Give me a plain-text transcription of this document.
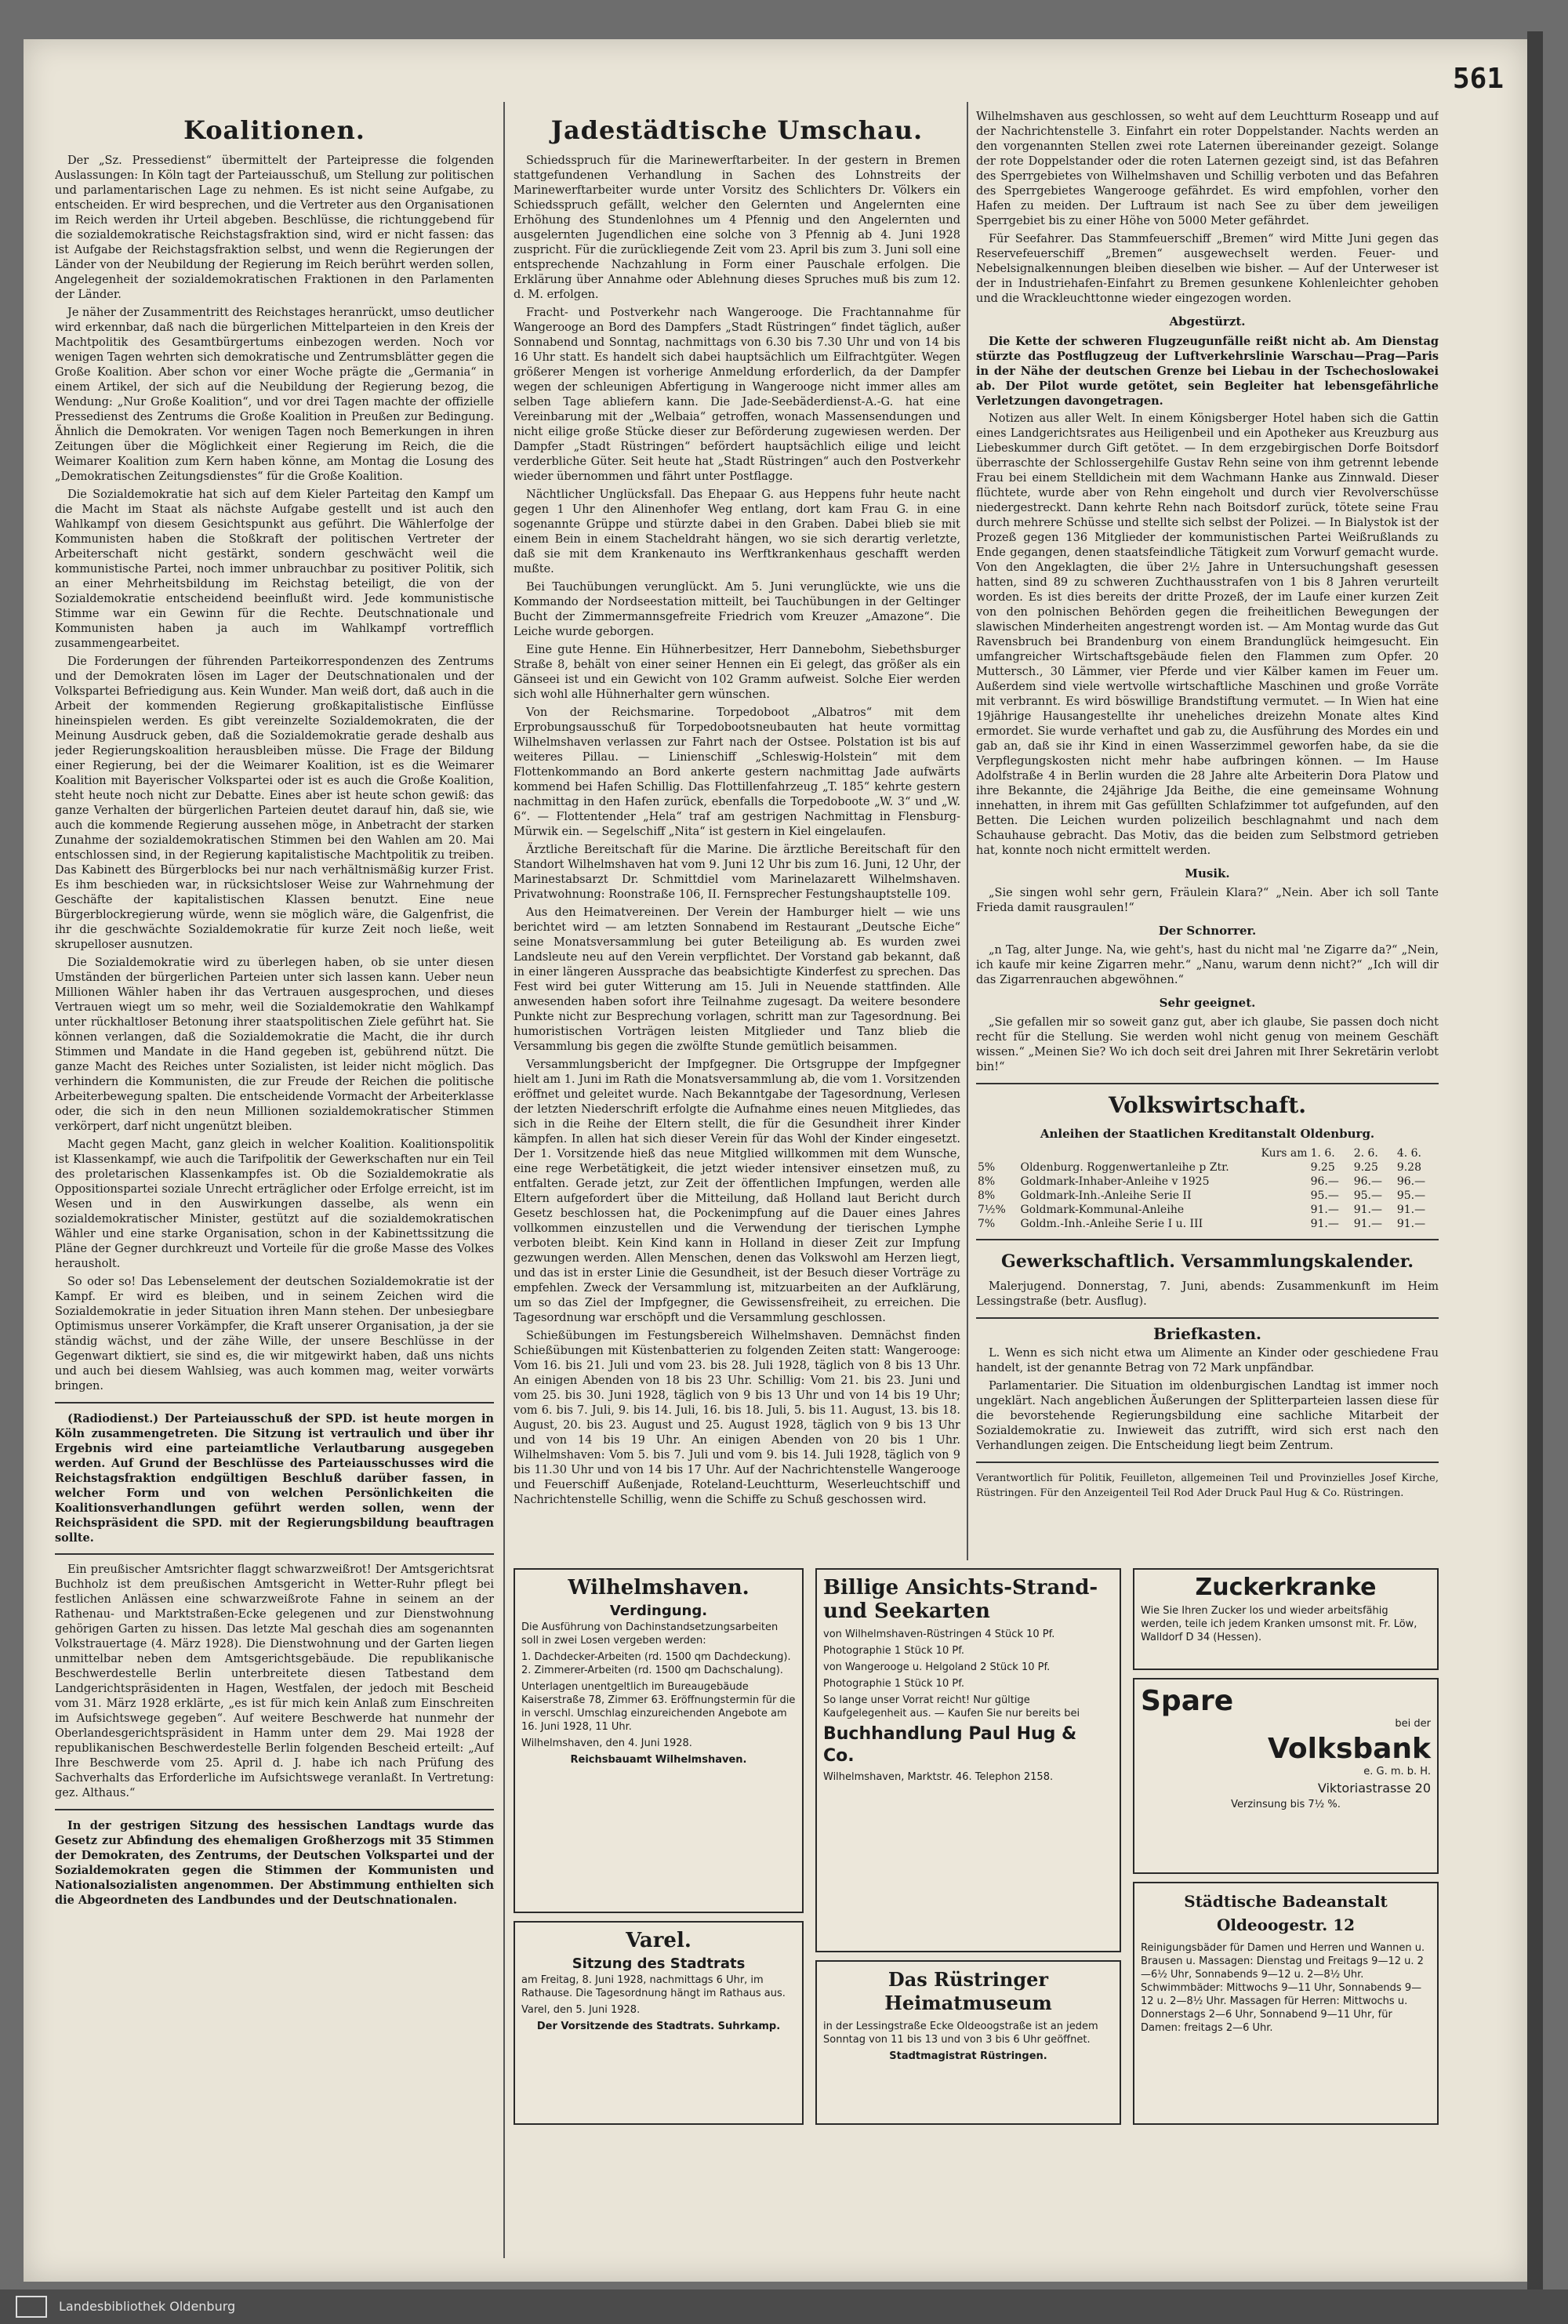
561
Koalitionen.

Der „Sz. Pressedienst“ übermittelt der Parteipresse die folgenden Auslassungen: In Köln tagt der Parteiausschuß, um Stellung zur politischen und parlamentarischen Lage zu nehmen. Es ist nicht seine Aufgabe, zu entscheiden. Er wird besprechen, und die Vertreter aus den Organisationen im Reich werden ihr Urteil abgeben. Beschlüsse, die richtunggebend für die sozialdemokratische Reichstagsfraktion sind, wird er nicht fassen: das ist Aufgabe der Reichstagsfraktion selbst, und wenn die Regierungen der Länder von der Neubildung der Regierung im Reich berührt werden sollen, Angelegenheit der sozialdemokratischen Fraktionen in den Parlamenten der Länder.

Je näher der Zusammentritt des Reichstages heranrückt, umso deutlicher wird erkennbar, daß nach die bürgerlichen Mittelparteien in den Kreis der Machtpolitik des Gesamtbürgertums einbezogen werden. Noch vor wenigen Tagen wehrten sich demokratische und Zentrumsblätter gegen die Große Koalition. Aber schon vor einer Woche prägte die „Germania“ in einem Artikel, der sich auf die Neubildung der Regierung bezog, die Wendung: „Nur Große Koalition“, und vor drei Tagen machte der offizielle Pressedienst des Zentrums die Große Koalition in Preußen zur Bedingung. Ähnlich die Demokraten. Vor wenigen Tagen noch Bemerkungen in ihren Zeitungen über die Möglichkeit einer Regierung im Reich, die die Weimarer Koalition zum Kern haben könne, am Montag die Losung des „Demokratischen Zeitungsdienstes“ für die Große Koalition.

Die Sozialdemokratie hat sich auf dem Kieler Parteitag den Kampf um die Macht im Staat als nächste Aufgabe gestellt und ist auch den Wahlkampf von diesem Gesichtspunkt aus geführt. Die Wählerfolge der Kommunisten haben die Stoßkraft der politischen Vertreter der Arbeiterschaft nicht gestärkt, sondern geschwächt weil die kommunistische Partei, noch immer unbrauchbar zu positiver Politik, sich an einer Mehrheitsbildung im Reichstag beteiligt, die von der Sozialdemokratie entscheidend beeinflußt wird. Jede kommunistische Stimme war ein Gewinn für die Rechte. Deutschnationale und Kommunisten haben ja auch im Wahlkampf vortrefflich zusammengearbeitet.

Die Forderungen der führenden Parteikorrespondenzen des Zentrums und der Demokraten lösen im Lager der Deutschnationalen und der Volkspartei Befriedigung aus. Kein Wunder. Man weiß dort, daß auch in die Arbeit der kommenden Regierung großkapitalistische Einflüsse hineinspielen werden. Es gibt vereinzelte Sozialdemokraten, die der Meinung Ausdruck geben, daß die Sozialdemokratie gerade deshalb aus jeder Regierungskoalition herausbleiben müsse. Die Frage der Bildung einer Regierung, bei der die Weimarer Koalition, ist es die Weimarer Koalition mit Bayerischer Volkspartei oder ist es auch die Große Koalition, steht heute noch nicht zur Debatte. Eines aber ist heute schon gewiß: das ganze Verhalten der bürgerlichen Parteien deutet darauf hin, daß sie, wie auch die kommende Regierung aussehen möge, in Anbetracht der starken Zunahme der sozialdemokratischen Stimmen bei den Wahlen am 20. Mai entschlossen sind, in der Regierung kapitalistische Machtpolitik zu treiben. Das Kabinett des Bürgerblocks bei nur nach verhältnismäßig kurzer Frist. Es ihm beschieden war, in rücksichtsloser Weise zur Wahrnehmung der Geschäfte der kapitalistischen Klassen benutzt. Eine neue Bürgerblockregierung würde, wenn sie möglich wäre, die Galgenfrist, die ihr die geschwächte Sozialdemokratie für kurze Zeit noch ließe, weit skrupelloser ausnutzen.

Die Sozialdemokratie wird zu überlegen haben, ob sie unter diesen Umständen der bürgerlichen Parteien unter sich lassen kann. Ueber neun Millionen Wähler haben ihr das Vertrauen ausgesprochen, und dieses Vertrauen wiegt um so mehr, weil die Sozialdemokratie den Wahlkampf unter rückhaltloser Betonung ihrer staatspolitischen Ziele geführt hat. Sie können verlangen, daß die Sozialdemokratie die Macht, die ihr durch Stimmen und Mandate in die Hand gegeben ist, gebührend nützt. Die ganze Macht des Reiches unter Sozialisten, ist leider nicht möglich. Das verhindern die Kommunisten, die zur Freude der Reichen die politische Arbeiterbewegung spalten. Die entscheidende Vormacht der Arbeiterklasse oder, die sich in den neun Millionen sozialdemokratischer Stimmen verkörpert, darf nicht ungenützt bleiben.

Macht gegen Macht, ganz gleich in welcher Koalition. Koalitionspolitik ist Klassenkampf, wie auch die Tarifpolitik der Gewerkschaften nur ein Teil des proletarischen Klassenkampfes ist. Ob die Sozialdemokratie als Oppositionspartei soziale Unrecht erträglicher oder Erfolge erreicht, ist im Wesen und in den Auswirkungen dasselbe, als wenn ein sozialdemokratischer Minister, gestützt auf die sozialdemokratischen Wähler und eine starke Organisation, schon in der Kabinettssitzung die Pläne der Gegner durchkreuzt und Vorteile für die große Masse des Volkes herausholt.

So oder so! Das Lebenselement der deutschen Sozialdemokratie ist der Kampf. Er wird es bleiben, und in seinem Zeichen wird die Sozialdemokratie in jeder Situation ihren Mann stehen. Der unbesiegbare Optimismus unserer Vorkämpfer, die Kraft unserer Organisation, ja der sie ständig wächst, und der zähe Wille, der unsere Beschlüsse in der Gegenwart diktiert, sie sind es, die wir mitgewirkt haben, daß uns nichts und auch bei diesem Wahlsieg, was auch kommen mag, weiter vorwärts bringen.

(Radiodienst.) Der Parteiausschuß der SPD. ist heute morgen in Köln zusammengetreten. Die Sitzung ist vertraulich und über ihr Ergebnis wird eine parteiamtliche Verlautbarung ausgegeben werden. Auf Grund der Beschlüsse des Parteiausschusses wird die Reichstagsfraktion endgültigen Beschluß darüber fassen, in welcher Form und von welchen Persönlichkeiten die Koalitionsverhandlungen geführt werden sollen, wenn der Reichspräsident die SPD. mit der Regierungsbildung beauftragen sollte.

Ein preußischer Amtsrichter flaggt schwarzweißrot! Der Amtsgerichtsrat Buchholz ist dem preußischen Amtsgericht in Wetter-Ruhr pflegt bei festlichen Anlässen eine schwarzweißrote Fahne in seinem an der Rathenau- und Marktstraßen-Ecke gelegenen und zur Dienstwohnung gehörigen Garten zu hissen. Das letzte Mal geschah dies am sogenannten Volkstrauertage (4. März 1928). Die Dienstwohnung und der Garten liegen unmittelbar neben dem Amtsgerichtsgebäude. Die republikanische Beschwerdestelle Berlin unterbreitete diesen Tatbestand dem Landgerichtspräsidenten in Hagen, Westfalen, der jedoch mit Bescheid vom 31. März 1928 erklärte, „es ist für mich kein Anlaß zum Einschreiten im Aufsichtswege gegeben“. Auf weitere Beschwerde hat nunmehr der Oberlandesgerichtspräsident in Hamm unter dem 29. Mai 1928 der republikanischen Beschwerdestelle Berlin folgenden Bescheid erteilt: „Auf Ihre Beschwerde vom 25. April d. J. habe ich nach Prüfung des Sachverhalts das Erforderliche im Aufsichtswege veranlaßt. In Vertretung: gez. Althaus.“

In der gestrigen Sitzung des hessischen Landtags wurde das Gesetz zur Abfindung des ehemaligen Großherzogs mit 35 Stimmen der Demokraten, des Zentrums, der Deutschen Volkspartei und der Sozialdemokraten gegen die Stimmen der Kommunisten und Nationalsozialisten angenommen. Der Abstimmung enthielten sich die Abgeordneten des Landbundes und der Deutschnationalen.

Jadestädtische Umschau.

Schiedsspruch für die Marinewerftarbeiter. In der gestern in Bremen stattgefundenen Verhandlung in Sachen des Lohnstreits der Marinewerftarbeiter wurde unter Vorsitz des Schlichters Dr. Völkers ein Schiedsspruch gefällt, welcher den Gelernten und Angelernten eine Erhöhung des Stundenlohnes um 4 Pfennig und den Angelernten und ausgelernten Jugendlichen eine solche von 3 Pfennig ab 4. Juni 1928 zuspricht. Für die zurückliegende Zeit vom 23. April bis zum 3. Juni soll eine entsprechende Nachzahlung in Form einer Pauschale erfolgen. Die Erklärung über Annahme oder Ablehnung dieses Spruches muß bis zum 12. d. M. erfolgen.

Fracht- und Postverkehr nach Wangerooge. Die Frachtannahme für Wangerooge an Bord des Dampfers „Stadt Rüstringen“ findet täglich, außer Sonnabend und Sonntag, nachmittags von 6.30 bis 7.30 Uhr und von 14 bis 16 Uhr statt. Es handelt sich dabei hauptsächlich um Eilfrachtgüter. Wegen größerer Mengen ist vorherige Anmeldung erforderlich, da der Dampfer wegen der schleunigen Abfertigung in Wangerooge nicht immer alles am selben Tage abliefern kann. Die Jade-Seebäderdienst-A.-G. hat eine Vereinbarung mit der „Welbaia“ getroffen, wonach Massensendungen und nicht eilige große Stücke dieser zur Beförderung zugewiesen werden. Der Dampfer „Stadt Rüstringen“ befördert hauptsächlich eilige und leicht verderbliche Güter. Seit heute hat „Stadt Rüstringen“ auch den Postverkehr wieder übernommen und fährt unter Postflagge.

Nächtlicher Unglücksfall. Das Ehepaar G. aus Heppens fuhr heute nacht gegen 1 Uhr den Alinenhofer Weg entlang, dort kam Frau G. in eine sogenannte Grüppe und stürzte dabei in den Graben. Dabei blieb sie mit einem Bein in einem Stacheldraht hängen, wo sie sich derartig verletzte, daß sie mit dem Krankenauto ins Werftkrankenhaus geschafft werden mußte.

Bei Tauchübungen verunglückt. Am 5. Juni verunglückte, wie uns die Kommando der Nordseestation mitteilt, bei Tauchübungen in der Geltinger Bucht der Zimmermannsgefreite Friedrich vom Kreuzer „Amazone“. Die Leiche wurde geborgen.

Eine gute Henne. Ein Hühnerbesitzer, Herr Dannebohm, Siebethsburger Straße 8, behält von einer seiner Hennen ein Ei gelegt, das größer als ein Gänseei ist und ein Gewicht von 102 Gramm aufweist. Solche Eier werden sich wohl alle Hühnerhalter gern wünschen.

Von der Reichsmarine. Torpedoboot „Albatros“ mit dem Erprobungsausschuß für Torpedobootsneubauten hat heute vormittag Wilhelmshaven verlassen zur Fahrt nach der Ostsee. Polstation ist bis auf weiteres Pillau. — Linienschiff „Schleswig-Holstein“ mit dem Flottenkommando an Bord ankerte gestern nachmittag Jade aufwärts kommend bei Hafen Schillig. Das Flottillenfahrzeug „T. 185“ kehrte gestern nachmittag in den Hafen zurück, ebenfalls die Torpedoboote „W. 3“ und „W. 6“. — Flottentender „Hela“ traf am gestrigen Nachmittag in Flensburg-Mürwik ein. — Segelschiff „Nita“ ist gestern in Kiel eingelaufen.

Ärztliche Bereitschaft für die Marine. Die ärztliche Bereitschaft für den Standort Wilhelmshaven hat vom 9. Juni 12 Uhr bis zum 16. Juni, 12 Uhr, der Marinestabsarzt Dr. Schmittdiel vom Marinelazarett Wilhelmshaven. Privatwohnung: Roonstraße 106, II. Fernsprecher Festungshauptstelle 109.

Aus den Heimatvereinen. Der Verein der Hamburger hielt — wie uns berichtet wird — am letzten Sonnabend im Restaurant „Deutsche Eiche“ seine Monatsversammlung bei guter Beteiligung ab. Es wurden zwei Landsleute neu auf den Verein verpflichtet. Der Vorstand gab bekannt, daß in einer längeren Aussprache das beabsichtigte Kinderfest zu sprechen. Das Fest wird bei guter Witterung am 15. Juli in Neuende stattfinden. Alle anwesenden haben sofort ihre Teilnahme zugesagt. Da weitere besondere Punkte nicht zur Besprechung vorlagen, schritt man zur Tagesordnung. Bei humoristischen Vorträgen leisten Mitglieder und Tanz blieb die Versammlung bis gegen die zwölfte Stunde gemütlich beisammen.

Versammlungsbericht der Impfgegner. Die Ortsgruppe der Impfgegner hielt am 1. Juni im Rath die Monatsversammlung ab, die vom 1. Vorsitzenden eröffnet und geleitet wurde. Nach Bekanntgabe der Tagesordnung, Verlesen der letzten Niederschrift erfolgte die Aufnahme eines neuen Mitgliedes, das sich in die Reihe der Eltern stellt, die für die Gesundheit ihrer Kinder kämpfen. In allen hat sich dieser Verein für das Wohl der Kinder eingesetzt. Der 1. Vorsitzende hieß das neue Mitglied willkommen mit dem Wunsche, eine rege Werbetätigkeit, die jetzt wieder intensiver einsetzen muß, zu entfalten. Gerade jetzt, zur Zeit der öffentlichen Impfungen, werden alle Eltern aufgefordert über die Mitteilung, daß Holland laut Bericht durch Gesetz beschlossen hat, die Pockenimpfung auf die Dauer eines Jahres vollkommen einzustellen und die Verwendung der tierischen Lymphe verboten bleibt. Kein Kind kann in Holland in dieser Zeit zur Impfung gezwungen werden. Allen Menschen, denen das Volkswohl am Herzen liegt, und das ist in erster Linie die Gesundheit, ist der Besuch dieser Vorträge zu empfehlen. Zweck der Versammlung ist, mitzuarbeiten an der Aufklärung, um so das Ziel der Impfgegner, die Gewissensfreiheit, zu erreichen. Die Tagesordnung war erschöpft und die Versammlung geschlossen.

Schießübungen im Festungsbereich Wilhelmshaven. Demnächst finden Schießübungen mit Küstenbatterien zu folgenden Zeiten statt: Wangerooge: Vom 16. bis 21. Juli und vom 23. bis 28. Juli 1928, täglich von 8 bis 13 Uhr. An einigen Abenden von 18 bis 23 Uhr. Schillig: Vom 21. bis 23. Juni und vom 25. bis 30. Juni 1928, täglich von 9 bis 13 Uhr und von 14 bis 19 Uhr; vom 6. bis 7. Juli, 9. bis 14. Juli, 16. bis 18. Juli, 5. bis 11. August, 13. bis 18. August, 20. bis 23. August und 25. August 1928, täglich von 9 bis 13 Uhr und von 14 bis 19 Uhr. An einigen Abenden von 20 bis 1 Uhr. Wilhelmshaven: Vom 5. bis 7. Juli und vom 9. bis 14. Juli 1928, täglich von 9 bis 11.30 Uhr und von 14 bis 17 Uhr. Auf der Nachrichtenstelle Wangerooge und Feuerschiff Außenjade, Roteland-Leuchtturm, Weserleuchtschiff und Nachrichtenstelle Schillig, wenn die Schiffe zu Schuß geschossen wird.

Wilhelmshaven aus geschlossen, so weht auf dem Leuchtturm Roseapp und auf der Nachrichtenstelle 3. Einfahrt ein roter Doppelstander. Nachts werden an den vorgenannten Stellen zwei rote Laternen übereinander gezeigt. Solange der rote Doppelstander oder die roten Laternen gezeigt sind, ist das Befahren des Sperrgebietes von Wilhelmshaven und Schillig verboten und das Befahren des Sperrgebietes Wangerooge gefährdet. Es wird empfohlen, vorher den Hafen zu meiden. Der Luftraum ist nach See zu über dem jeweiligen Sperrgebiet bis zu einer Höhe von 5000 Meter gefährdet.

Für Seefahrer. Das Stammfeuerschiff „Bremen“ wird Mitte Juni gegen das Reservefeuerschiff „Bremen“ ausgewechselt werden. Feuer- und Nebelsignalkennungen bleiben dieselben wie bisher. — Auf der Unterweser ist der in Industriehafen-Einfahrt zu Bremen gesunkene Kohlenleichter gehoben und die Wrackleuchttonne wieder eingezogen worden.

Abgestürzt.

Die Kette der schweren Flugzeugunfälle reißt nicht ab. Am Dienstag stürzte das Postflugzeug der Luftverkehrslinie Warschau—Prag—Paris in der Nähe der deutschen Grenze bei Liebau in der Tschechoslowakei ab. Der Pilot wurde getötet, sein Begleiter hat lebensgefährliche Verletzungen davongetragen.

Notizen aus aller Welt. In einem Königsberger Hotel haben sich die Gattin eines Landgerichtsrates aus Heiligenbeil und ein Apotheker aus Kreuzburg aus Liebeskummer durch Gift getötet. — In dem erzgebirgischen Dorfe Boitsdorf überraschte der Schlossergehilfe Gustav Rehn seine von ihm getrennt lebende Frau bei einem Stelldichein mit dem Wachmann Hanke aus Zinnwald. Dieser flüchtete, wurde aber von Rehn eingeholt und durch vier Revolverschüsse niedergestreckt. Dann kehrte Rehn nach Boitsdorf zurück, tötete seine Frau durch mehrere Schüsse und stellte sich selbst der Polizei. — In Bialystok ist der Prozeß gegen 136 Mitglieder der kommunistischen Partei Weißrußlands zu Ende gegangen, denen staatsfeindliche Tätigkeit zum Vorwurf gemacht wurde. Von den Angeklagten, die über 2½ Jahre in Untersuchungshaft gesessen hatten, sind 89 zu schweren Zuchthausstrafen von 1 bis 8 Jahren verurteilt worden. Es ist dies bereits der dritte Prozeß, der im Laufe einer kurzen Zeit von den polnischen Behörden gegen die freiheitlichen Bewegungen der slawischen Minderheiten angestrengt worden ist. — Am Montag wurde das Gut Ravensbruch bei Brandenburg von einem Brandunglück heimgesucht. Ein umfangreicher Wirtschaftsgebäude fielen den Flammen zum Opfer. 20 Muttersch., 30 Lämmer, vier Pferde und vier Kälber kamen im Feuer um. Außerdem sind viele wertvolle wirtschaftliche Maschinen und große Vorräte mit verbrannt. Es wird böswillige Brandstiftung vermutet. — In Wien hat eine 19jährige Hausangestellte ihr uneheliches dreizehn Monate altes Kind ermordet. Sie wurde verhaftet und gab zu, die Ausführung des Mordes ein und gab an, daß sie ihr Kind in einen Wasserzimmel geworfen habe, da sie die Verpflegungskosten nicht mehr habe aufbringen können. — Im Hause Adolfstraße 4 in Berlin wurden die 28 Jahre alte Arbeiterin Dora Platow und ihre Bekannte, die 24jährige Jda Beithe, die eine gemeinsame Wohnung innehatten, in ihrem mit Gas gefüllten Schlafzimmer tot aufgefunden, auf den Betten. Die Leichen wurden polizeilich beschlagnahmt und nach dem Schauhause gebracht. Das Motiv, das die beiden zum Selbstmord getrieben hat, konnte noch nicht ermittelt werden.

Musik.

„Sie singen wohl sehr gern, Fräulein Klara?“ „Nein. Aber ich soll Tante Frieda damit rausgraulen!“

Der Schnorrer.

„n Tag, alter Junge. Na, wie geht's, hast du nicht mal 'ne Zigarre da?“ „Nein, ich kaufe mir keine Zigarren mehr.“ „Nanu, warum denn nicht?“ „Ich will dir das Zigarrenrauchen abgewöhnen.“

Sehr geeignet.

„Sie gefallen mir so soweit ganz gut, aber ich glaube, Sie passen doch nicht recht für die Stellung. Sie werden wohl nicht genug von meinem Geschäft wissen.“ „Meinen Sie? Wo ich doch seit drei Jahren mit Ihrer Sekretärin verlobt bin!“

Volkswirtschaft.
Anleihen der Staatlichen Kreditanstalt Oldenburg.
	Kurs am	1. 6.	2. 6.	4. 6.
5%	Oldenburg. Roggenwertanleihe p Ztr.	9.25	9.25	9.28
8%	Goldmark-Inhaber-Anleihe v 1925	96.—	96.—	96.—
8%	Goldmark-Inh.-Anleihe Serie II	95.—	95.—	95.—
7½%	Goldmark-Kommunal-Anleihe	91.—	91.—	91.—
7%	Goldm.-Inh.-Anleihe Serie I u. III	91.—	91.—	91.—
Gewerkschaftlich. Versammlungskalender.

Malerjugend. Donnerstag, 7. Juni, abends: Zusammenkunft im Heim Lessingstraße (betr. Ausflug).

Briefkasten.

L. Wenn es sich nicht etwa um Alimente an Kinder oder geschiedene Frau handelt, ist der genannte Betrag von 72 Mark unpfändbar.

Parlamentarier. Die Situation im oldenburgischen Landtag ist immer noch ungeklärt. Nach angeblichen Äußerungen der Splitterparteien lassen diese für die bevorstehende Regierungsbildung eine sachliche Mitarbeit der Sozialdemokratie zu. Inwieweit das zutrifft, wird sich erst nach den Verhandlungen zeigen. Die Entscheidung liegt beim Zentrum.

Verantwortlich für Politik, Feuilleton, allgemeinen Teil und Provinzielles Josef Kirche, Rüstringen. Für den Anzeigenteil Teil Rod Ader Druck Paul Hug & Co. Rüstringen.

Wilhelmshaven.
Verdingung.
Die Ausführung von Dachinstandsetzungsarbeiten soll in zwei Losen vergeben werden:
1. Dachdecker-Arbeiten (rd. 1500 qm Dachdeckung). 2. Zimmerer-Arbeiten (rd. 1500 qm Dachschalung).
Unterlagen unentgeltlich im Bureaugebäude Kaiserstraße 78, Zimmer 63. Eröffnungstermin für die in verschl. Umschlag einzureichenden Angebote am 16. Juni 1928, 11 Uhr.
Wilhelmshaven, den 4. Juni 1928.
Reichsbauamt Wilhelmshaven.
Varel.
Sitzung des Stadtrats
am Freitag, 8. Juni 1928, nachmittags 6 Uhr, im Rathause. Die Tagesordnung hängt im Rathaus aus.
Varel, den 5. Juni 1928.
Der Vorsitzende des Stadtrats. Suhrkamp.
Billige Ansichts-Strand- und Seekarten
von Wilhelmshaven-Rüstringen 4 Stück 10 Pf.
Photographie 1 Stück 10 Pf.
von Wangerooge u. Helgoland 2 Stück 10 Pf.
Photographie 1 Stück 10 Pf.
So lange unser Vorrat reicht! Nur gültige Kaufgelegenheit aus. — Kaufen Sie nur bereits bei
Buchhandlung Paul Hug & Co.
Wilhelmshaven, Marktstr. 46. Telephon 2158.
Das Rüstringer Heimatmuseum
in der Lessingstraße Ecke Oldeoogstraße ist an jedem Sonntag von 11 bis 13 und von 3 bis 6 Uhr geöffnet.
Stadtmagistrat Rüstringen.
Zuckerkranke
Wie Sie Ihren Zucker los und wieder arbeitsfähig werden, teile ich jedem Kranken umsonst mit. Fr. Löw, Walldorf D 34 (Hessen).
Spare
bei der
Volksbank
e. G. m. b. H.
Viktoriastrasse 20
Verzinsung bis 7½ %.
Städtische Badeanstalt Oldeoogestr. 12
Reinigungsbäder für Damen und Herren und Wannen u. Brausen u. Massagen: Dienstag und Freitags 9—12 u. 2—6½ Uhr, Sonnabends 9—12 u. 2—8½ Uhr. Schwimmbäder: Mittwochs 9—11 Uhr, Sonnabends 9—12 u. 2—8½ Uhr. Massagen für Herren: Mittwochs u. Donnerstags 2—6 Uhr, Sonnabend 9—11 Uhr, für Damen: freitags 2—6 Uhr.
Landesbibliothek Oldenburg
